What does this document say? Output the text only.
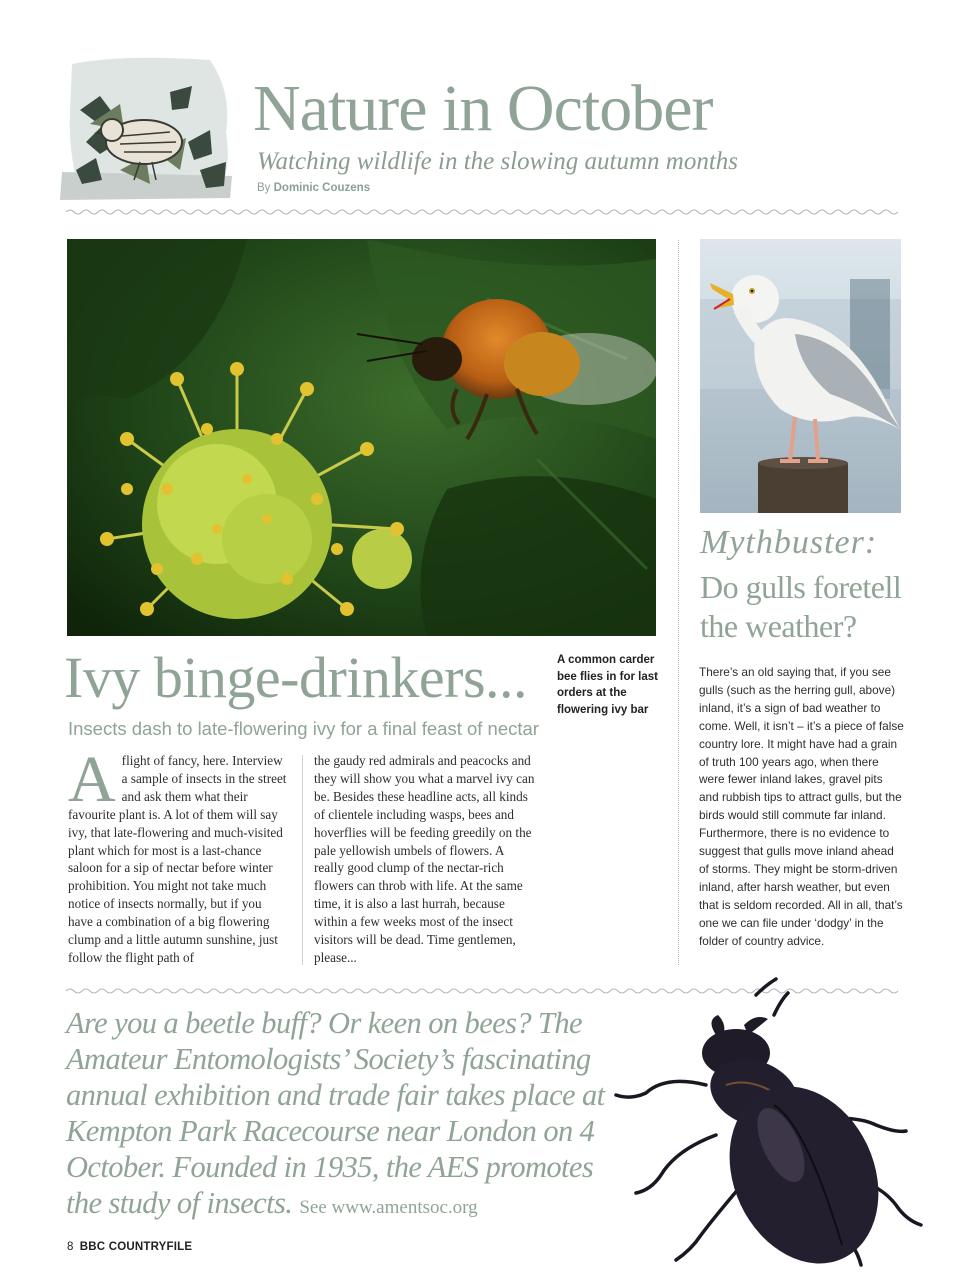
Nature in October
Watching wildlife in the slowing autumn months
By Dominic Couzens
A common carder bee flies in for last orders at the flowering ivy bar
Ivy binge-drinkers...
Insects dash to late-flowering ivy for a final feast of nectar
Aflight of fancy, here. Interview a sample of insects in the street and ask them what their favourite plant is. A lot of them will say ivy, that late-flowering and much-visited plant which for most is a last-chance saloon for a sip of nectar before winter prohibition. You might not take much notice of insects normally, but if you have a combination of a big flowering clump and a little autumn sunshine, just follow the flight path of
the gaudy red admirals and peacocks and they will show you what a marvel ivy can be. Besides these headline acts, all kinds of clientele including wasps, bees and hoverflies will be feeding greedily on the pale yellowish umbels of flowers. A really good clump of the nectar-rich flowers can throb with life. At the same time, it is also a last hurrah, because within a few weeks most of the insect visitors will be dead. Time gentlemen, please...
Mythbuster:
Do gulls foretell the weather?
There’s an old saying that, if you see gulls (such as the herring gull, above) inland, it’s a sign of bad weather to come. Well, it isn’t – it’s a piece of false country lore. It might have had a grain of truth 100 years ago, when there were fewer inland lakes, gravel pits and rubbish tips to attract gulls, but the birds would still commute far inland. Furthermore, there is no evidence to suggest that gulls move inland ahead of storms. They might be storm-driven inland, after harsh weather, but even that is seldom recorded. All in all, that’s one we can file under ‘dodgy’ in the folder of country advice.
Are you a beetle buff? Or keen on bees? The Amateur Entomologists’ Society’s fascinating annual exhibition and trade fair takes place at Kempton Park Racecourse near London on 4 October. Founded in 1935, the AES promotes the study of insects. See www.amentsoc.org
8 BBC COUNTRYFILE
